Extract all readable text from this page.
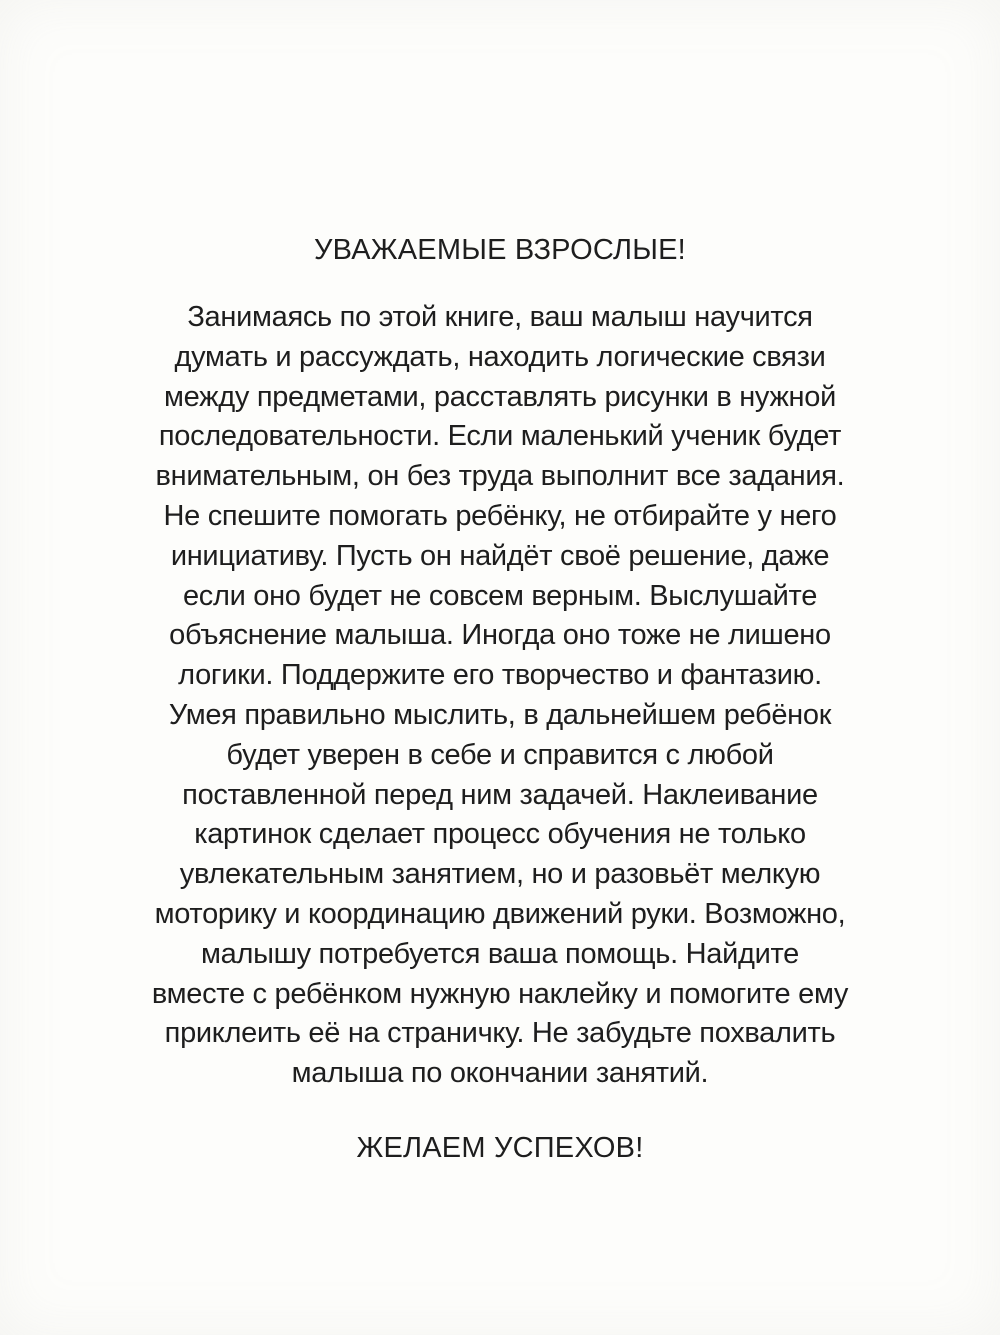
УВАЖАЕМЫЕ ВЗРОСЛЫЕ!
Занимаясь по этой книге, ваш малыш научится
думать и рассуждать, находить логические связи
между предметами, расставлять рисунки в нужной
последовательности. Если маленький ученик будет
внимательным, он без труда выполнит все задания.
Не спешите помогать ребёнку, не отбирайте у него
инициативу. Пусть он найдёт своё решение, даже
если оно будет не совсем верным. Выслушайте
объяснение малыша. Иногда оно тоже не лишено
логики. Поддержите его творчество и фантазию.
Умея правильно мыслить, в дальнейшем ребёнок
будет уверен в себе и справится с любой
поставленной перед ним задачей. Наклеивание
картинок сделает процесс обучения не только
увлекательным занятием, но и разовьёт мелкую
моторику и координацию движений руки. Возможно,
малышу потребуется ваша помощь. Найдите
вместе с ребёнком нужную наклейку и помогите ему
приклеить её на страничку. Не забудьте похвалить
малыша по окончании занятий.
ЖЕЛАЕМ УСПЕХОВ!
